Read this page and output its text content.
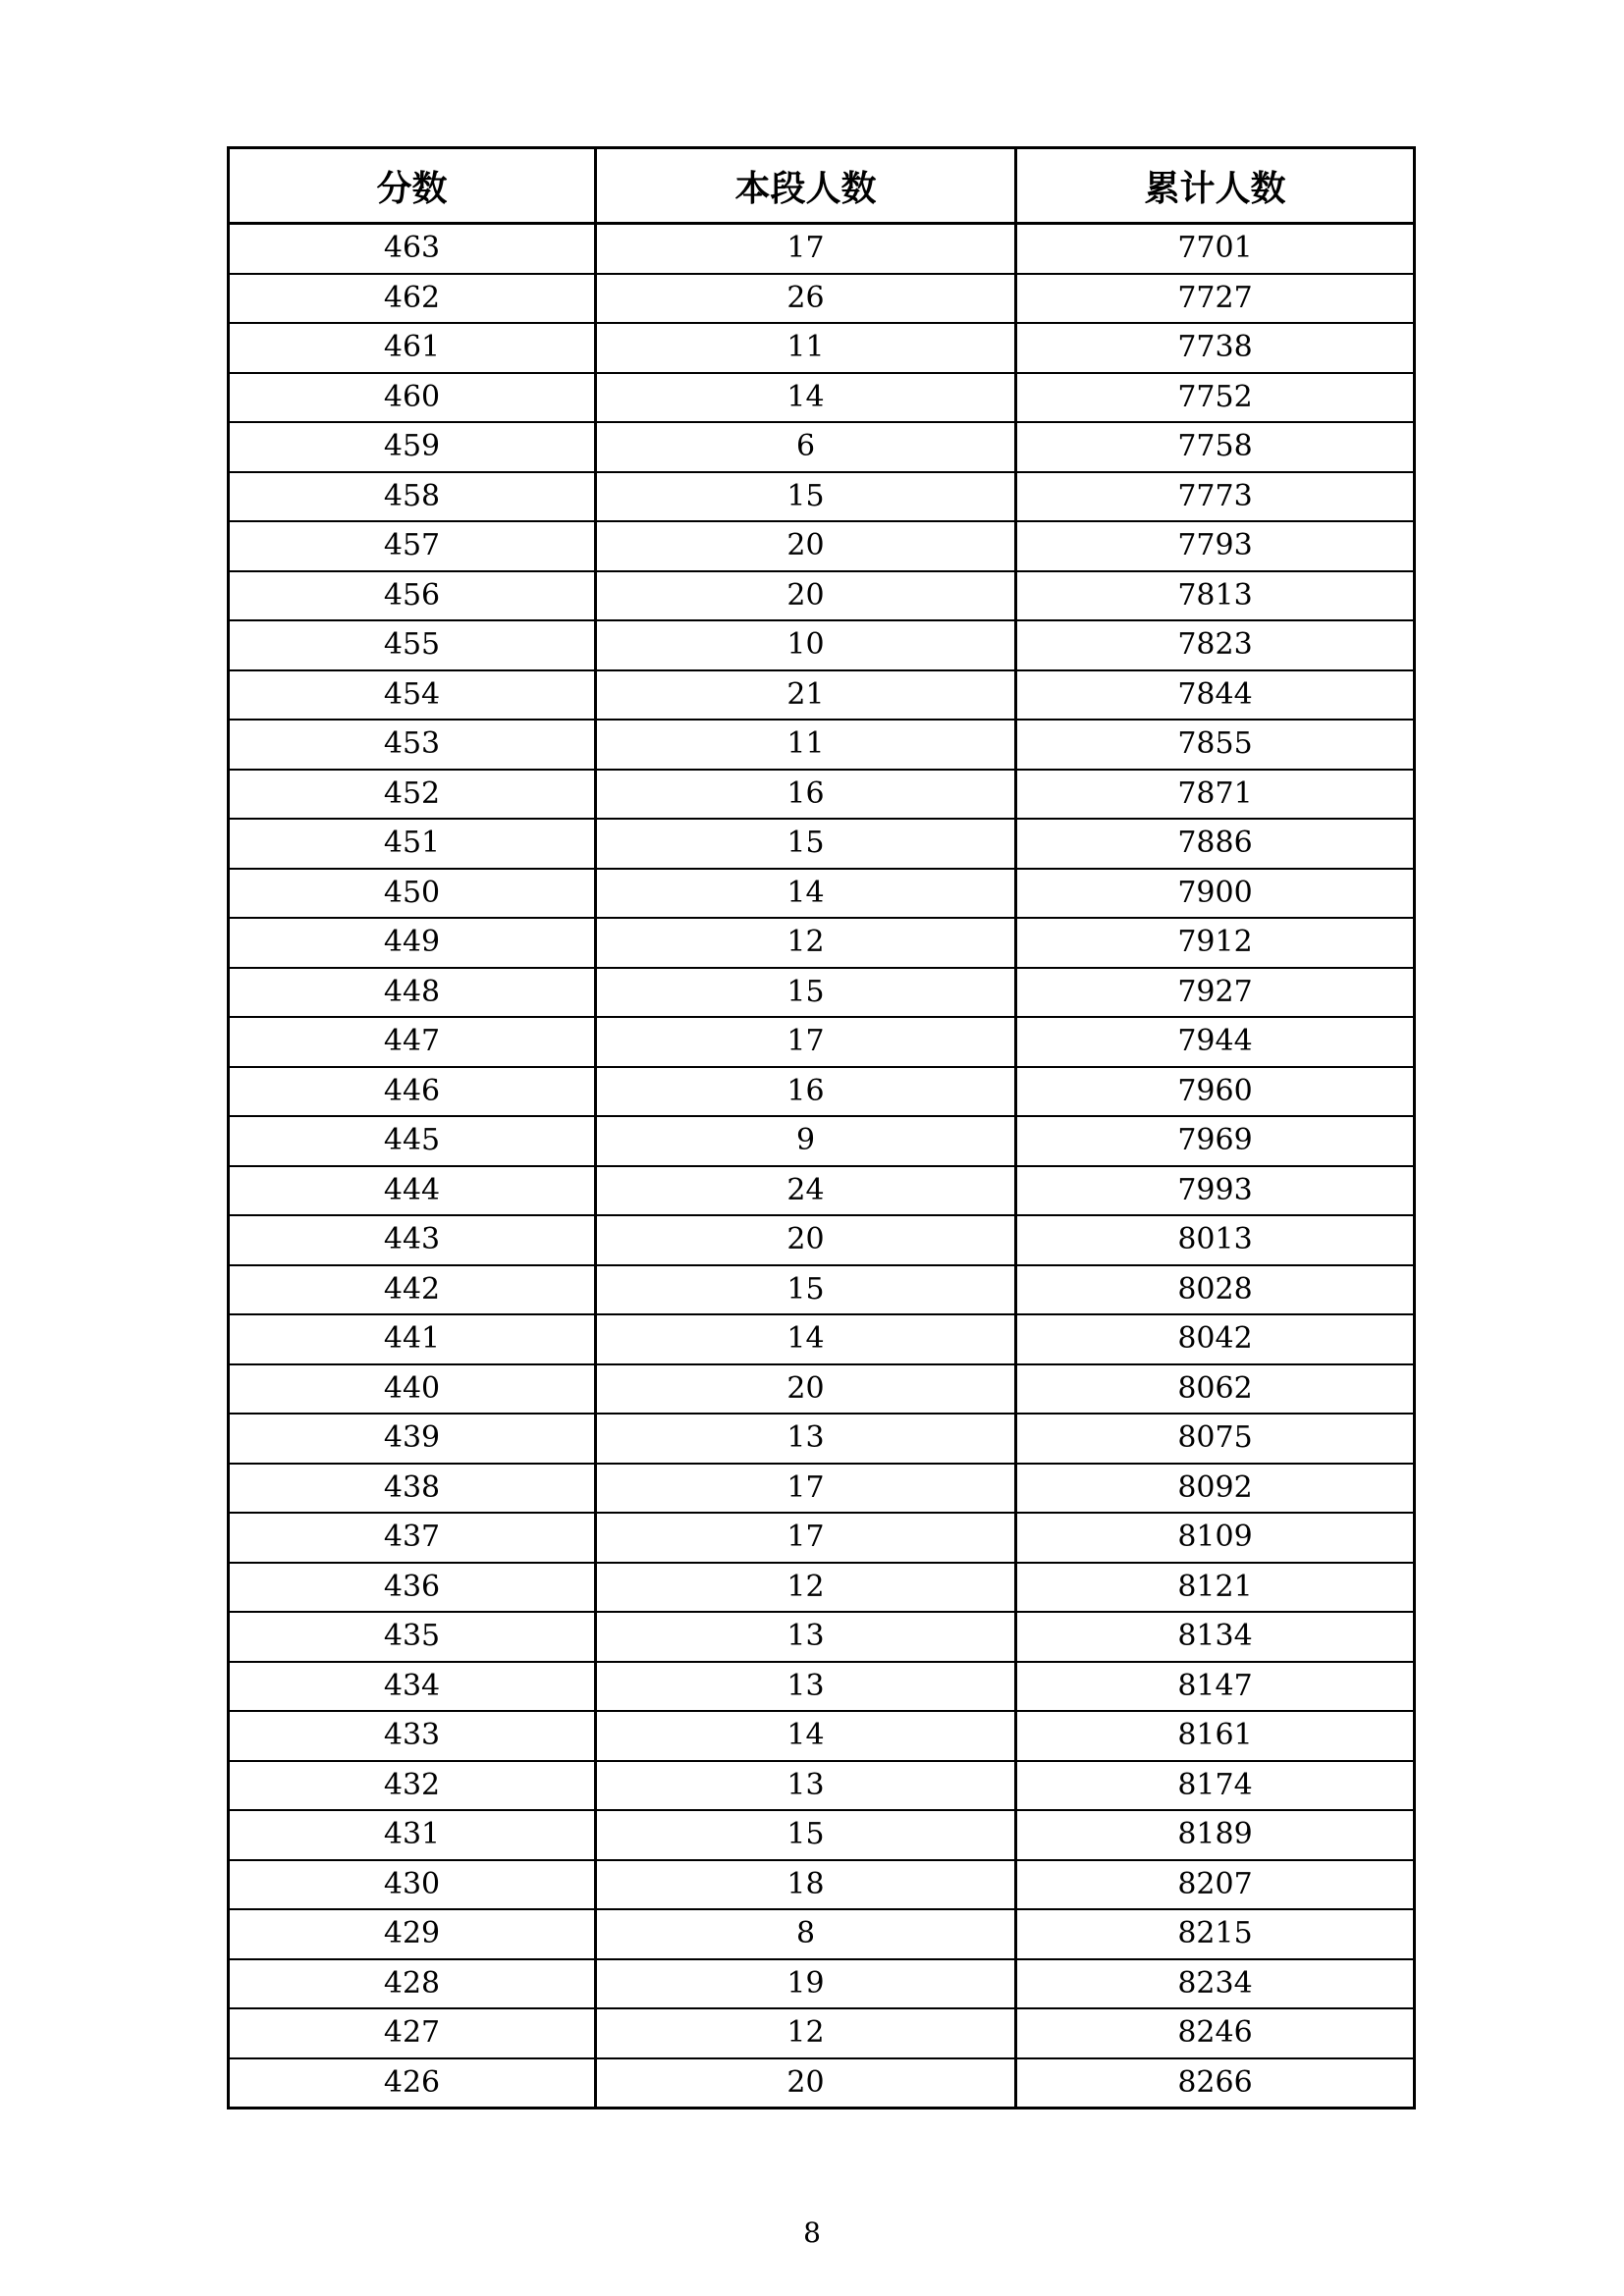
分数	本段人数	累计人数
463	17	7701
462	26	7727
461	11	7738
460	14	7752
459	6	7758
458	15	7773
457	20	7793
456	20	7813
455	10	7823
454	21	7844
453	11	7855
452	16	7871
451	15	7886
450	14	7900
449	12	7912
448	15	7927
447	17	7944
446	16	7960
445	9	7969
444	24	7993
443	20	8013
442	15	8028
441	14	8042
440	20	8062
439	13	8075
438	17	8092
437	17	8109
436	12	8121
435	13	8134
434	13	8147
433	14	8161
432	13	8174
431	15	8189
430	18	8207
429	8	8215
428	19	8234
427	12	8246
426	20	8266
8
